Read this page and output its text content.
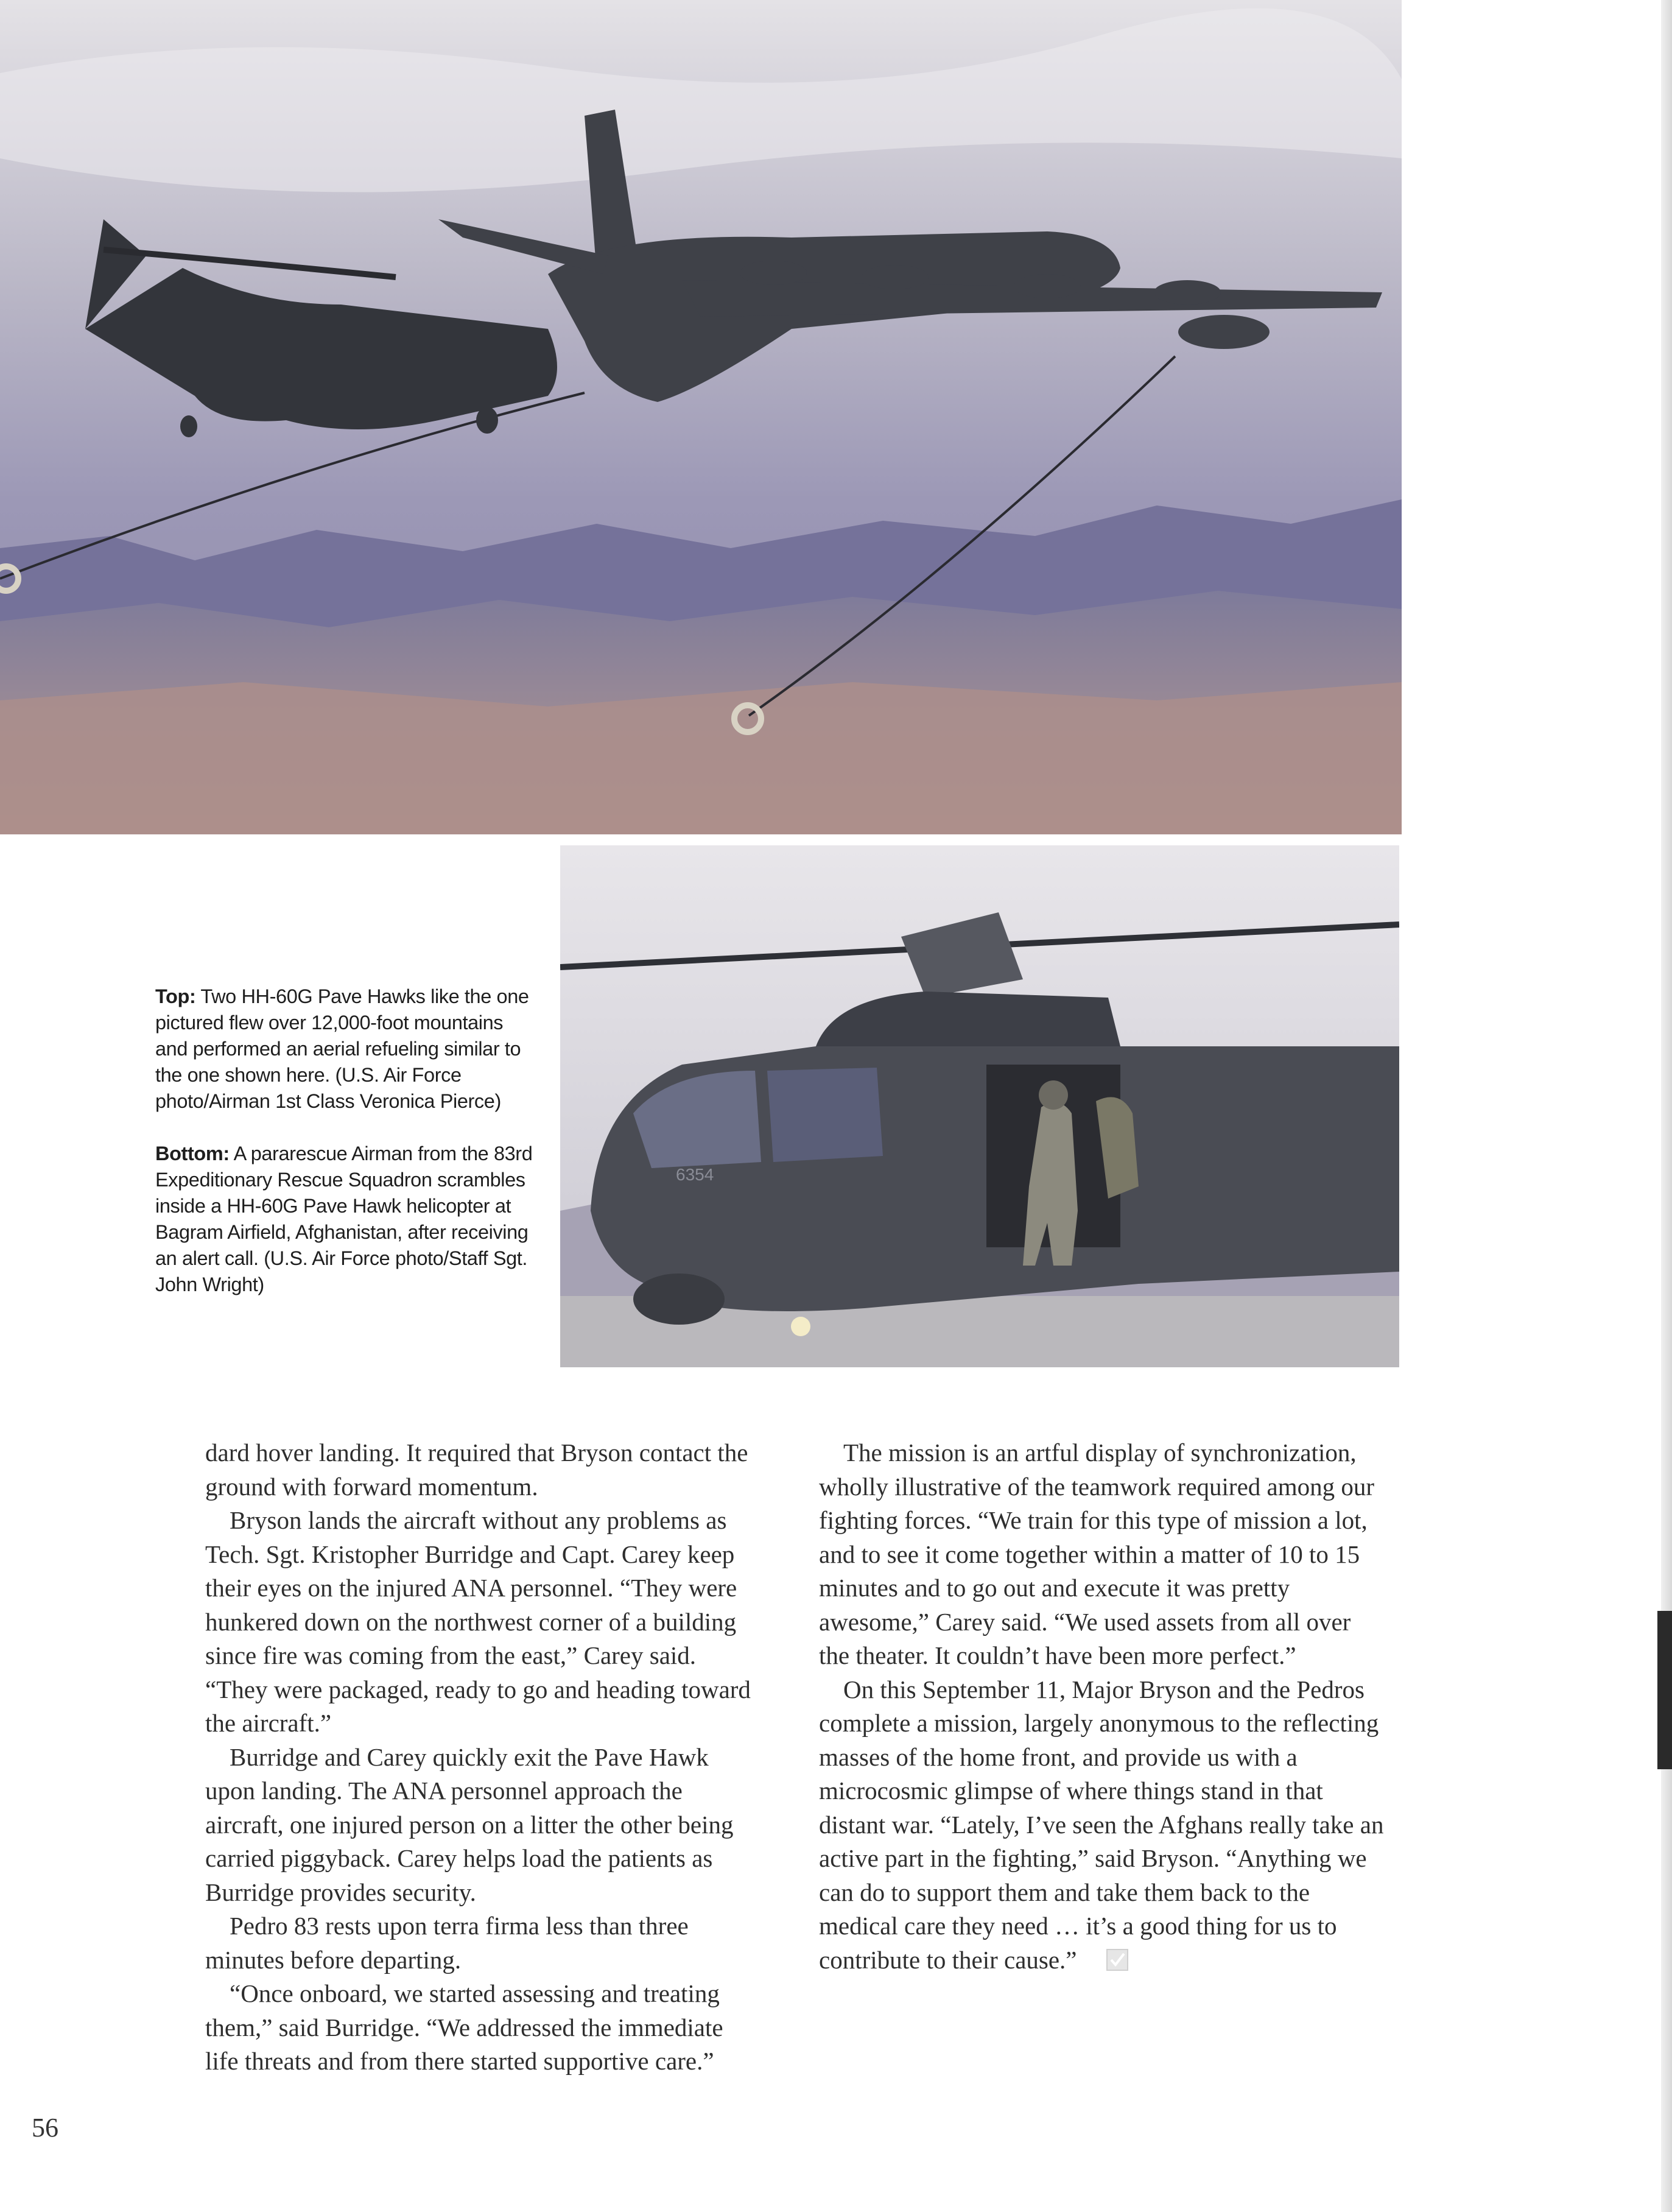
6354

Top: Two HH-60G Pave Hawks like the one pictured flew over 12,000-foot mountains and performed an aerial refueling similar to the one shown here. (U.S. Air Force photo/Airman 1st Class Veronica Pierce)

Bottom: A pararescue Airman from the 83rd Expeditionary Rescue Squadron scrambles inside a HH-60G Pave Hawk helicopter at Bagram Airfield, Afghanistan, after receiving an alert call. (U.S. Air Force photo/Staff Sgt. John Wright)

dard hover landing. It required that Bryson contact the ground with forward momentum.

Bryson lands the aircraft without any problems as Tech. Sgt. Kristopher Burridge and Capt. Carey keep their eyes on the injured ANA personnel. “They were hunkered down on the northwest corner of a building since fire was coming from the east,” Carey said. “They were packaged, ready to go and heading toward the aircraft.”

Burridge and Carey quickly exit the Pave Hawk upon landing. The ANA personnel approach the aircraft, one injured person on a litter the other being carried piggyback. Carey helps load the patients as Burridge provides security.

Pedro 83 rests upon terra firma less than three minutes before departing.

“Once onboard, we started assessing and treating them,” said Burridge. “We addressed the immediate life threats and from there started supportive care.”

The mission is an artful display of synchronization, wholly illustrative of the teamwork required among our fighting forces. “We train for this type of mission a lot, and to see it come together within a matter of 10 to 15 minutes and to go out and execute it was pretty awesome,” Carey said. “We used assets from all over the theater. It couldn’t have been more perfect.”

On this September 11, Major Bryson and the Pedros complete a mission, largely anonymous to the reflecting masses of the home front, and provide us with a microcosmic glimpse of where things stand in that distant war. “Lately, I’ve seen the Afghans really take an active part in the fighting,” said Bryson. “Anything we can do to support them and take them back to the medical care they need … it’s a good thing for us to contribute to their cause.”

56
